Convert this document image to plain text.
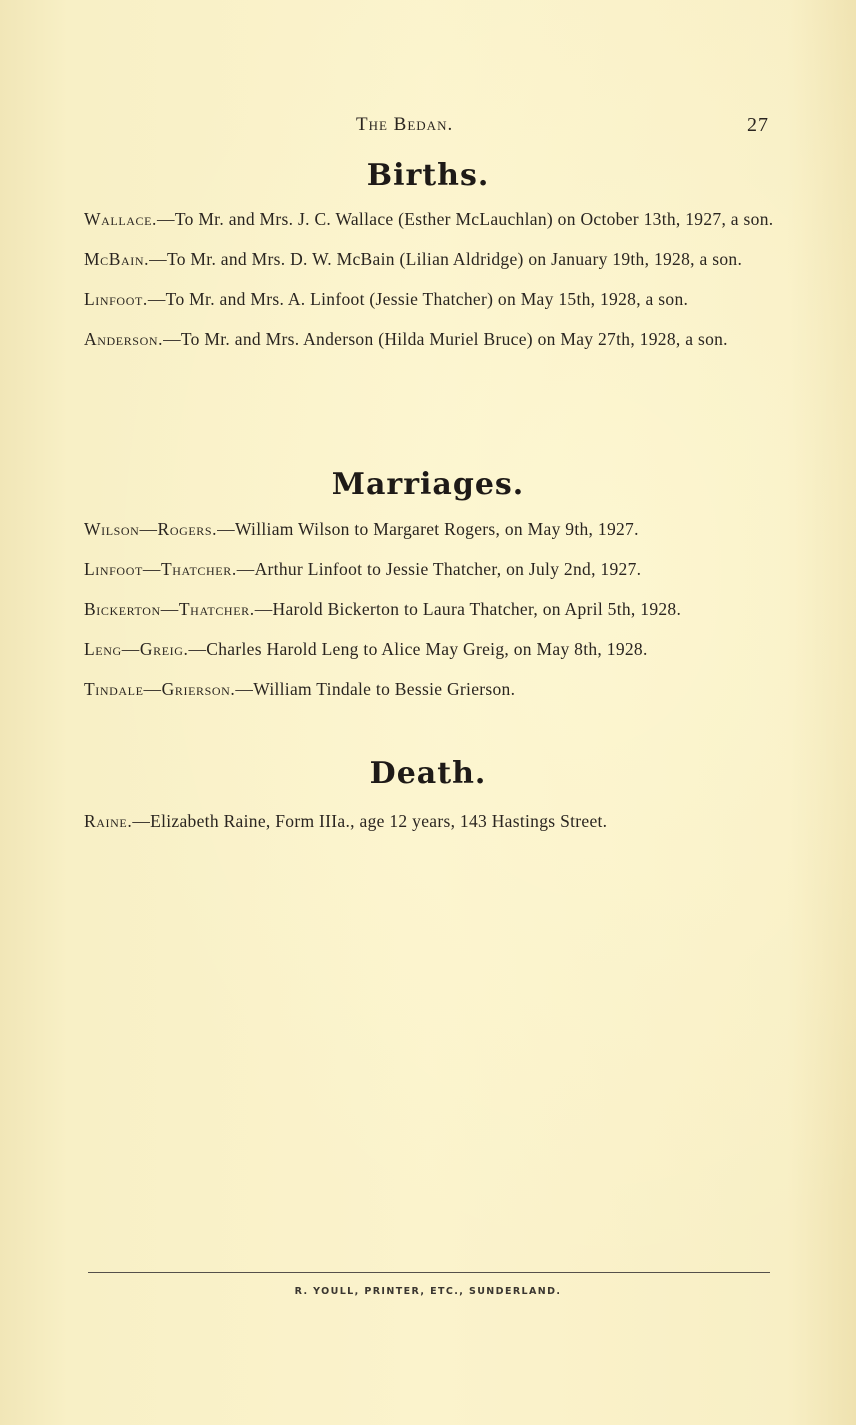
The Bedan.	27
Births.
Wallace.—To Mr. and Mrs. J. C. Wallace (Esther McLauchlan) on October 13th, 1927, a son.
McBain.—To Mr. and Mrs. D. W. McBain (Lilian Aldridge) on January 19th, 1928, a son.
Linfoot.—To Mr. and Mrs. A. Linfoot (Jessie Thatcher) on May 15th, 1928, a son.
Anderson.—To Mr. and Mrs. Anderson (Hilda Muriel Bruce) on May 27th, 1928, a son.
Marriages.
Wilson—Rogers.—William Wilson to Margaret Rogers, on May 9th, 1927.
Linfoot—Thatcher.—Arthur Linfoot to Jessie Thatcher, on July 2nd, 1927.
Bickerton—Thatcher.—Harold Bickerton to Laura Thatcher, on April 5th, 1928.
Leng—Greig.—Charles Harold Leng to Alice May Greig, on May 8th, 1928.
Tindale—Grierson.—William Tindale to Bessie Grierson.
Death.
Raine.—Elizabeth Raine, Form IIIa., age 12 years, 143 Hastings Street.
R. YOULL, PRINTER, ETC., SUNDERLAND.
